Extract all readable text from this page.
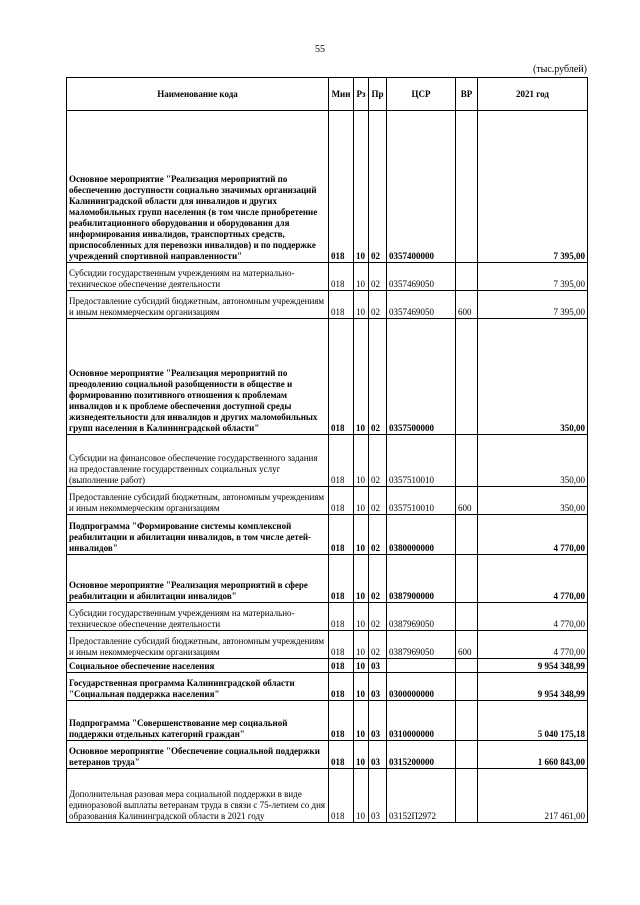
55
(тыс.рублей)
Наименование кода	Мин	Рз	Пр	ЦСР	ВР	2021 год
Основное мероприятие "Реализация мероприятий по обеспечению доступности социально значимых организаций Калининградской области для инвалидов и других маломобильных групп населения (в том числе приобретение реабилитационного оборудования и оборудования для информирования инвалидов, транспортных средств, приспособленных для перевозки инвалидов) и по поддержке учреждений спортивной направленности"	018	10	02	0357400000		7 395,00
Субсидии государственным учреждениям на материально-техническое обеспечение деятельности	018	10	02	0357469050		7 395,00
Предоставление субсидий бюджетным, автономным учреждениям и иным некоммерческим организациям	018	10	02	0357469050	600	7 395,00
Основное мероприятие "Реализация мероприятий по преодолению социальной разобщенности в обществе и формированию позитивного отношения к проблемам инвалидов и к проблеме обеспечения доступной среды жизнедеятельности для инвалидов и других маломобильных групп населения в Калининградской области"	018	10	02	0357500000		350,00
Субсидии на финансовое обеспечение государственного задания на предоставление государственных социальных услуг (выполнение работ)	018	10	02	0357510010		350,00
Предоставление субсидий бюджетным, автономным учреждениям и иным некоммерческим организациям	018	10	02	0357510010	600	350,00
Подпрограмма "Формирование системы комплексной реабилитации и абилитации инвалидов, в том числе детей-инвалидов"	018	10	02	0380000000		4 770,00
Основное мероприятие "Реализация мероприятий в сфере реабилитации и абилитации инвалидов"	018	10	02	0387900000		4 770,00
Субсидии государственным учреждениям на материально-техническое обеспечение деятельности	018	10	02	0387969050		4 770,00
Предоставление субсидий бюджетным, автономным учреждениям и иным некоммерческим организациям	018	10	02	0387969050	600	4 770,00
Социальное обеспечение населения	018	10	03			9 954 348,99
Государственная программа Калининградской области "Социальная поддержка населения"	018	10	03	0300000000		9 954 348,99
Подпрограмма "Совершенствование мер социальной поддержки отдельных категорий граждан"	018	10	03	0310000000		5 040 175,18
Основное мероприятие "Обеспечение социальной поддержки ветеранов труда"	018	10	03	0315200000		1 660 843,00
Дополнительная разовая мера социальной поддержки в виде единоразовой выплаты ветеранам труда в связи с 75-летием со дня образования Калининградской области в 2021 году	018	10	03	03152П2972		217 461,00
